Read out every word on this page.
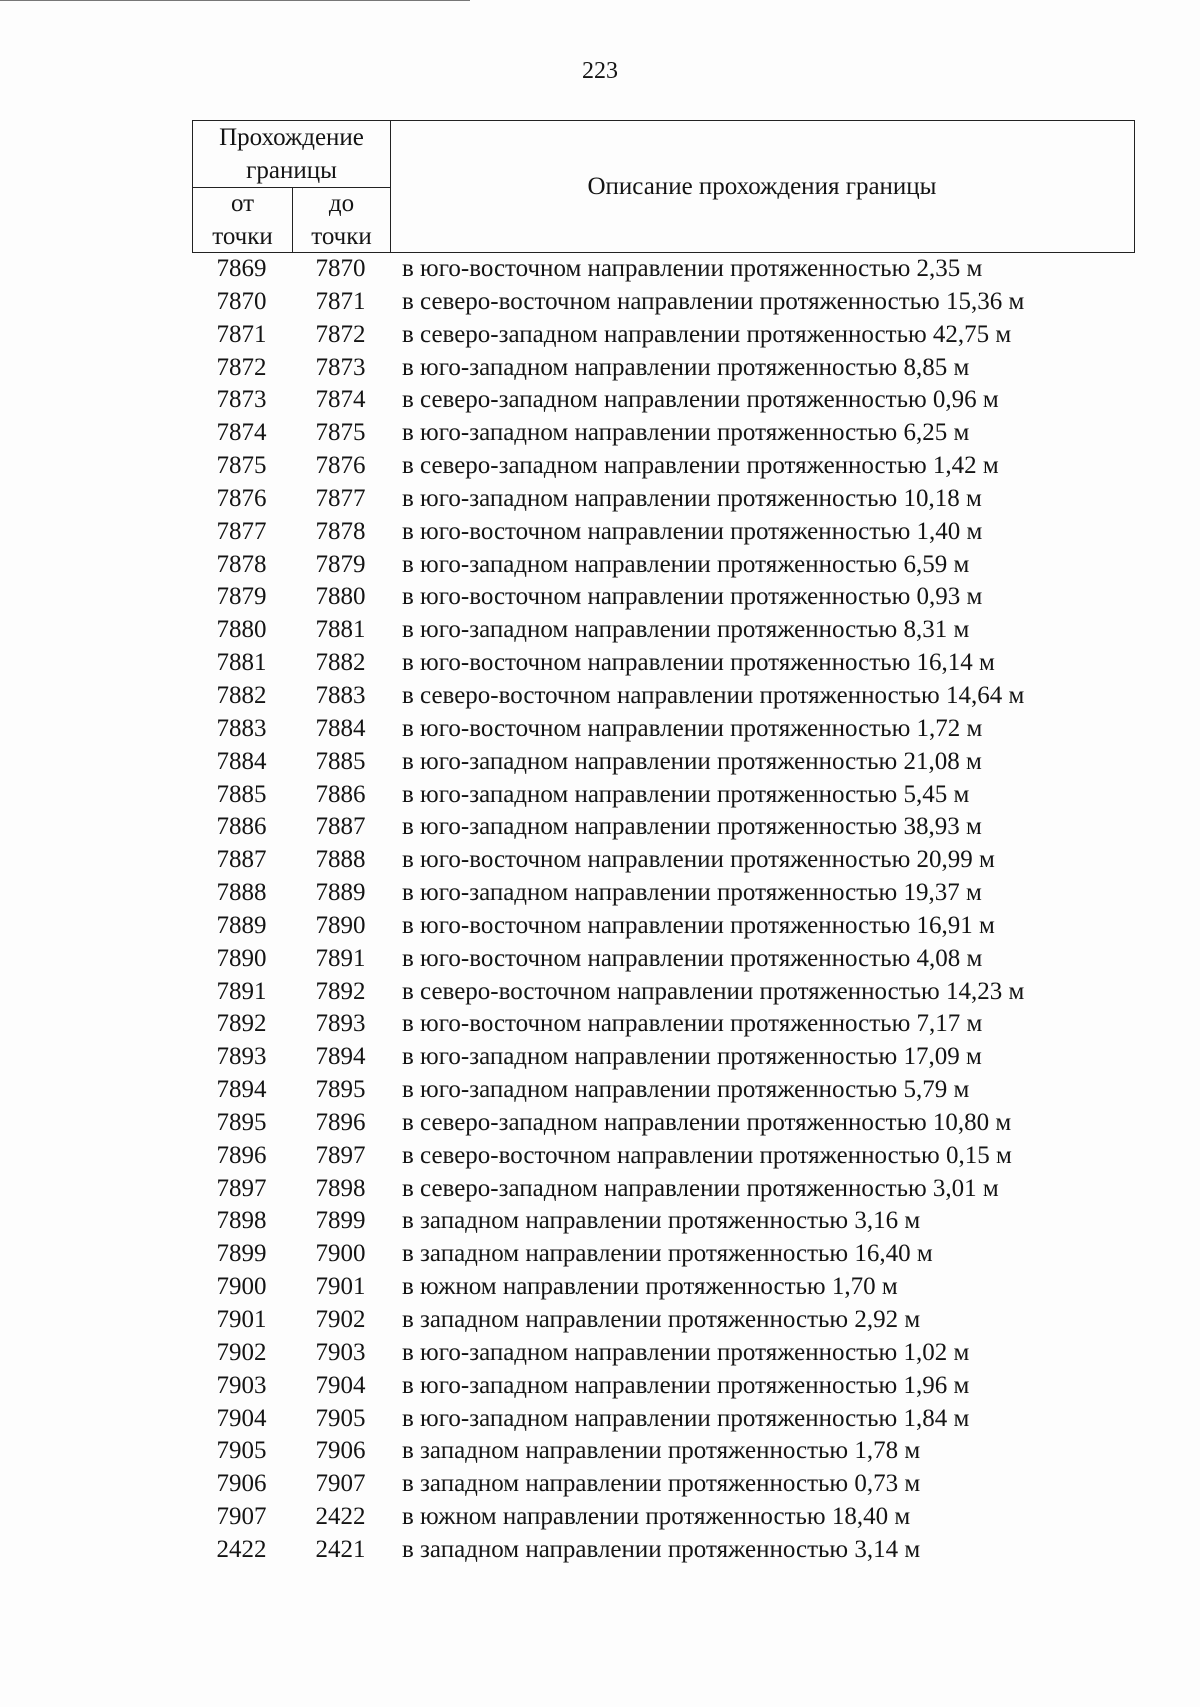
223
Прохождение
границы
от
точки
до
точки
Описание прохождения границы
7869	7870	в юго-восточном направлении протяженностью 2,35 м
7870	7871	в северо-восточном направлении протяженностью 15,36 м
7871	7872	в северо-западном направлении протяженностью 42,75 м
7872	7873	в юго-западном направлении протяженностью 8,85 м
7873	7874	в северо-западном направлении протяженностью 0,96 м
7874	7875	в юго-западном направлении протяженностью 6,25 м
7875	7876	в северо-западном направлении протяженностью 1,42 м
7876	7877	в юго-западном направлении протяженностью 10,18 м
7877	7878	в юго-восточном направлении протяженностью 1,40 м
7878	7879	в юго-западном направлении протяженностью 6,59 м
7879	7880	в юго-восточном направлении протяженностью 0,93 м
7880	7881	в юго-западном направлении протяженностью 8,31 м
7881	7882	в юго-восточном направлении протяженностью 16,14 м
7882	7883	в северо-восточном направлении протяженностью 14,64 м
7883	7884	в юго-восточном направлении протяженностью 1,72 м
7884	7885	в юго-западном направлении протяженностью 21,08 м
7885	7886	в юго-западном направлении протяженностью 5,45 м
7886	7887	в юго-западном направлении протяженностью 38,93 м
7887	7888	в юго-восточном направлении протяженностью 20,99 м
7888	7889	в юго-западном направлении протяженностью 19,37 м
7889	7890	в юго-восточном направлении протяженностью 16,91 м
7890	7891	в юго-восточном направлении протяженностью 4,08 м
7891	7892	в северо-восточном направлении протяженностью 14,23 м
7892	7893	в юго-восточном направлении протяженностью 7,17 м
7893	7894	в юго-западном направлении протяженностью 17,09 м
7894	7895	в юго-западном направлении протяженностью 5,79 м
7895	7896	в северо-западном направлении протяженностью 10,80 м
7896	7897	в северо-восточном направлении протяженностью 0,15 м
7897	7898	в северо-западном направлении протяженностью 3,01 м
7898	7899	в западном направлении протяженностью 3,16 м
7899	7900	в западном направлении протяженностью 16,40 м
7900	7901	в южном направлении протяженностью 1,70 м
7901	7902	в западном направлении протяженностью 2,92 м
7902	7903	в юго-западном направлении протяженностью 1,02 м
7903	7904	в юго-западном направлении протяженностью 1,96 м
7904	7905	в юго-западном направлении протяженностью 1,84 м
7905	7906	в западном направлении протяженностью 1,78 м
7906	7907	в западном направлении протяженностью 0,73 м
7907	2422	в южном направлении протяженностью 18,40 м
2422	2421	в западном направлении протяженностью 3,14 м
